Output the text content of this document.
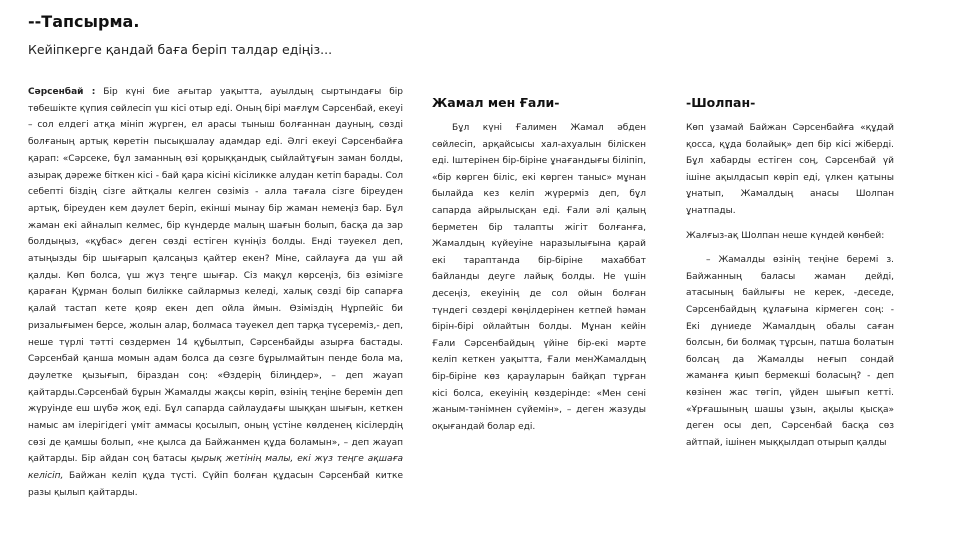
--Тапсырма.
Кейіпкерге қандай баға беріп талдар едіңіз...

Сәрсенбай : Бір күні бие ағытар уақытта, ауылдың сыртындағы бір төбешікте қүпия сөйлесіп үш кісі отыр еді. Оның бірі мағлұм Сәрсенбай, екеуі – сол елдегі атқа мініп жүрген, ел арасы тыныш болғаннан дауның, сөзді болғаның артық көретін пысықшалау адамдар еді. Әлгі екеуі Сәрсенбайға қарап: «Сәрсеке, бұл заманның өзі қорыққандық сыйлайтұғын заман болды, азырақ дәреже біткен кісі - бай қара кісіні кісіликке алудан кетіп барады. Сол себепті біздің сізге айтқалы келген сөзіміз - алла тағала сізге біреуден артық, біреуден кем дәулет беріп, екінші мынау бір жаман немеңіз бар. Бұл жаман екі айналып келмес, бір күндерде малың шағын болып, басқа да зар болдыңыз, «құбас» деген сөзді естіген күніңіз болды. Енді тәуекел деп, атыңызды бір шығарып қалсаңыз қайтер екен? Міне, сайлауға да үш ай қалды. Көп болса, үш жүз теңге шығар. Сіз мақұл көрсеңіз, біз өзімізге қараған Құрман болып билікке сайлармыз келеді, халық сөзді бір сапарға қалай тастап кете қояр екен деп ойла ймын. Өзіміздің Нұрпейіс би ризалығымен берсе, жолын алар, болмаса тәуекел деп тарқа түсереміз,- деп, неше түрлі тәтті сөздермен 14 құбылтып, Сәрсенбайды азырға бастады. Сәрсенбай қанша момын адам болса да сөзге бұрылмайтын пенде бола ма, дәулетке қызығып, біраздан соң: «Өздерің білиңдер», – деп жауап қайтарды.Сәрсенбай бұрын Жамалды жақсы көріп, өзінің теңіне беремін деп жүруінде еш шүбә жоқ еді. Бұл сапарда сайлаудағы шыққан шығын, кеткен намыс ам ілерігідегі үміт аммасы қосылып, оның үстіне көлденең кісілердің сөзі де қамшы болып, «не қылса да Байжанмен құда боламын», – деп жауап қайтарды. Бір айдан соң батасы қырық жетінің малы, екі жүз теңге ақшаға келісіп, Байжан келіп құда түсті. Сүйіп болған құдасын Сәрсенбай китке разы қылып қайтарды.

Жамал мен Ғали-

Бұл күні Ғалимен Жамал әбден сөйлесіп, арқайсысы хал-ахуалын біліскен еді. Іштерінен бір-біріне ұнағандығы біліпіп, «бір көрген біліс, екі көрген таныс» мұнан былайда кез келіп жүрерміз деп, бұл сапарда айрылысқан еді. Ғали әлі қалың берметен бір талапты жігіт болғанға, Жамалдың күйеуіне наразылығына қарай екі тараптанда бір-біріне махаббат байланды деуге лайық болды. Не үшін десеңіз, екеуінің де сол ойын болған түндегі сөздері көңілдерінен кетпей һәман бірін-бірі ойлайтын болды. Мұнан кейін Ғали Сәрсенбайдың үйіне бір-екі мәрте келіп кеткен уақытта, Ғали менЖамалдың бір-бірінe көз қарауларын байқап тұрған кісі болса, екеуінің көздерінде: «Мен сені жаным-тәнімнен сүйемін», – деген жазуды оқығандай болар еді.

-Шолпан-

Көп ұзамай Байжан Сәрсенбайға «құдай қосса, құда болайық» деп бір кісі жіберді. Бұл хабарды естіген соң, Сәрсенбай үй ішіне ақылдасып көріп еді, үлкен қатыны ұнатып, Жамалдың анасы Шолпан ұнатпады.

Жалғыз-ақ Шолпан неше күндей көнбей:

– Жамалды өзінің теңіне беремі з. Байжанның баласы жаман дейді, атасының байлығы не керек, -деседе, Сәрсенбайдың құлағына кірмеген соң: - Екі дүниеде Жамалдың обалы саған болсын, би болмақ тұрсын, патша болатын болсаң да Жамалды неғып сондай жаманға қиып бермекші боласың? - деп көзінен жас төгіп, үйден шығып кетті. «Ұрғашының шашы ұзын, ақылы қысқа» деген осы деп, Сәрсенбай басқа сөз айтпай, ішінен мыққылдап отырып қалды
